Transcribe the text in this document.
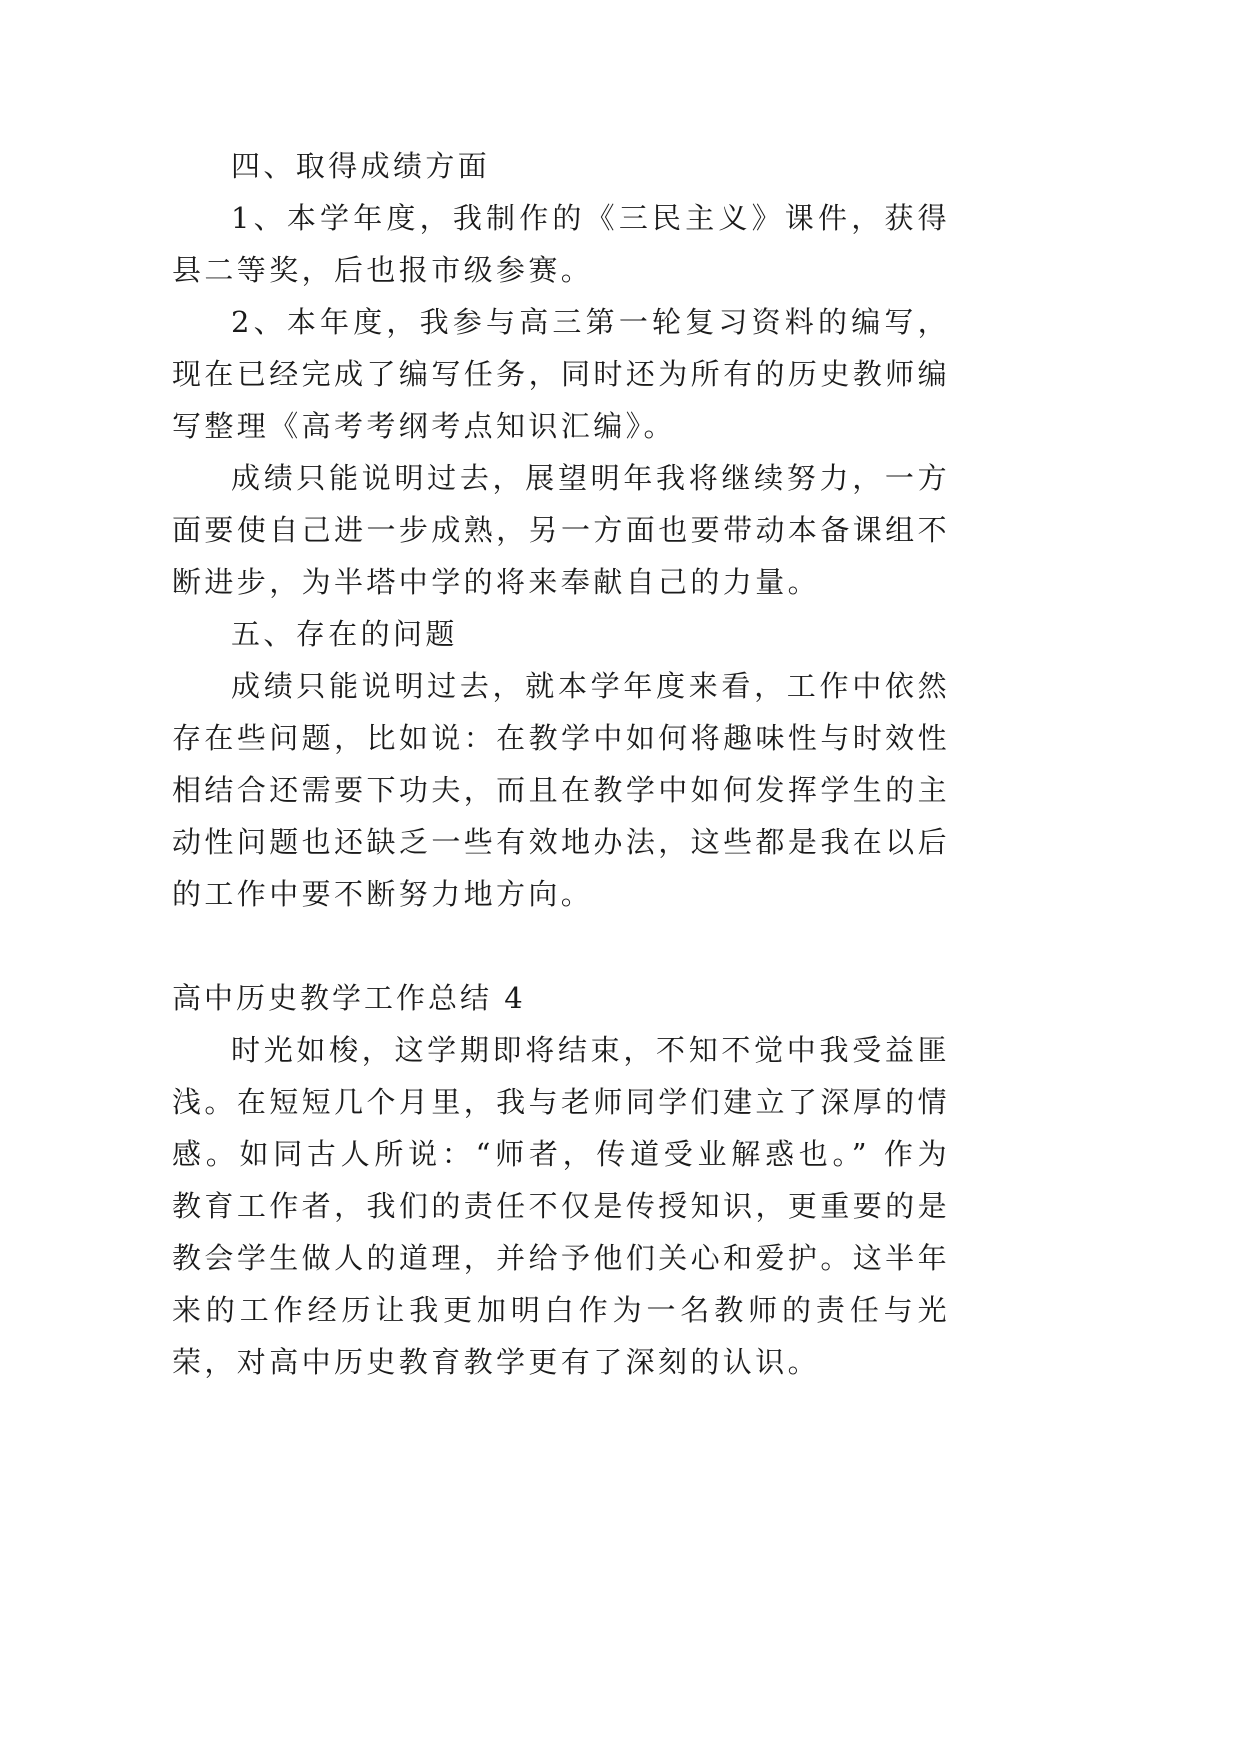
四、取得成绩方面

1、本学年度，我制作的《三民主义》课件，获得县二等奖，后也报市级参赛。

2、本年度，我参与高三第一轮复习资料的编写，现在已经完成了编写任务，同时还为所有的历史教师编写整理《高考考纲考点知识汇编》。

成绩只能说明过去，展望明年我将继续努力，一方面要使自己进一步成熟，另一方面也要带动本备课组不断进步，为半塔中学的将来奉献自己的力量。

五、存在的问题

成绩只能说明过去，就本学年度来看，工作中依然存在些问题，比如说：在教学中如何将趣味性与时效性相结合还需要下功夫，而且在教学中如何发挥学生的主动性问题也还缺乏一些有效地办法，这些都是我在以后的工作中要不断努力地方向。

高中历史教学工作总结 4

时光如梭，这学期即将结束，不知不觉中我受益匪浅。在短短几个月里，我与老师同学们建立了深厚的情感。如同古人所说：“师者，传道受业解惑也。” 作为教育工作者，我们的责任不仅是传授知识，更重要的是教会学生做人的道理，并给予他们关心和爱护。这半年来的工作经历让我更加明白作为一名教师的责任与光荣，对高中历史教育教学更有了深刻的认识。
